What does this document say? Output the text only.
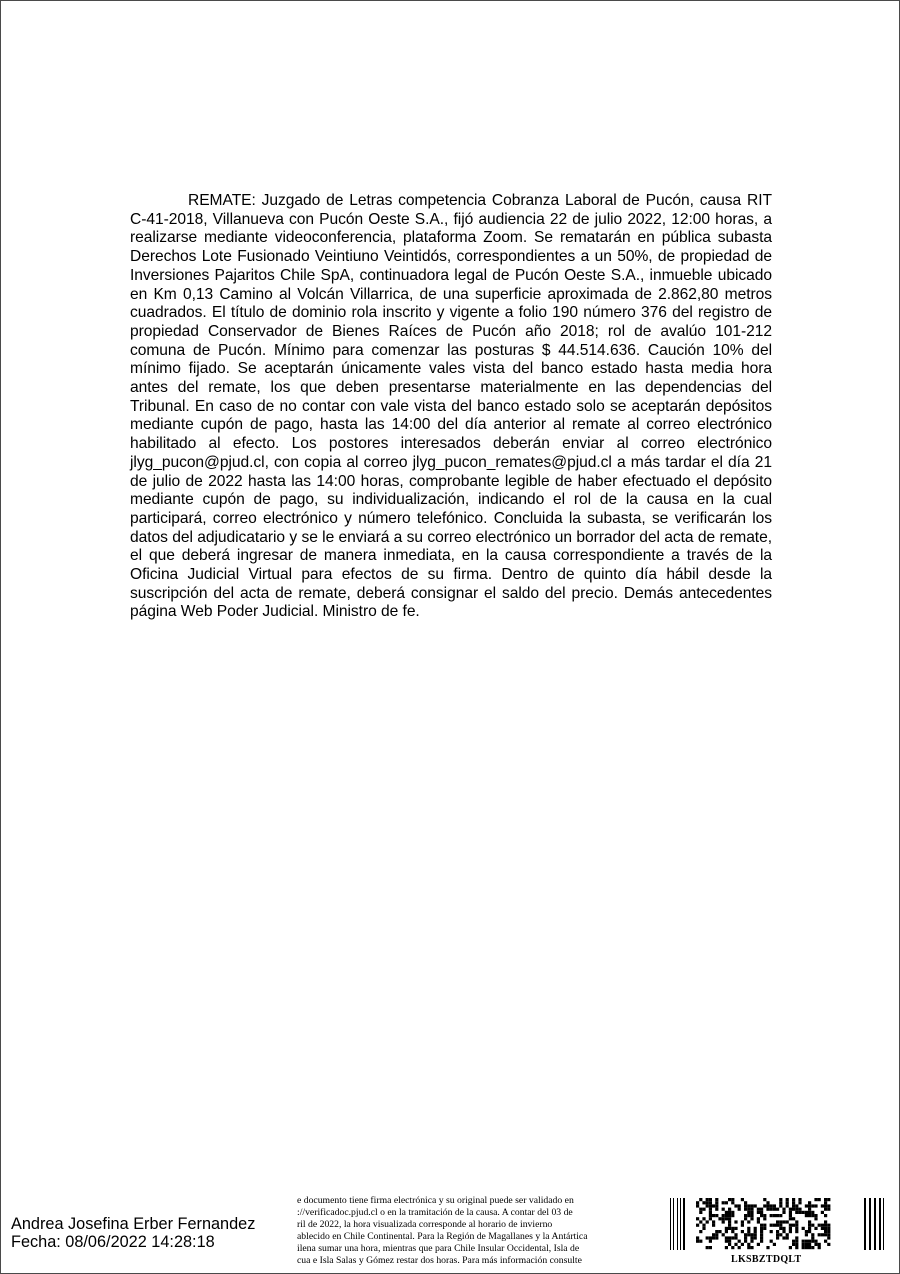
REMATE: Juzgado de Letras competencia Cobranza Laboral de Pucón, causa RIT C-41-2018, Villanueva con Pucón Oeste S.A., fijó audiencia 22 de julio 2022, 12:00 horas, a realizarse mediante videoconferencia, plataforma Zoom. Se rematarán en pública subasta Derechos Lote Fusionado Veintiuno Veintidós, correspondientes a un 50%, de propiedad de Inversiones Pajaritos Chile SpA, continuadora legal de Pucón Oeste S.A., inmueble ubicado en Km 0,13 Camino al Volcán Villarrica, de una superficie aproximada de 2.862,80 metros cuadrados. El título de dominio rola inscrito y vigente a folio 190 número 376 del registro de propiedad Conservador de Bienes Raíces de Pucón año 2018; rol de avalúo 101-212 comuna de Pucón. Mínimo para comenzar las posturas $ 44.514.636. Caución 10% del mínimo fijado. Se aceptarán únicamente vales vista del banco estado hasta media hora antes del remate, los que deben presentarse materialmente en las dependencias del Tribunal. En caso de no contar con vale vista del banco estado solo se aceptarán depósitos mediante cupón de pago, hasta las 14:00 del día anterior al remate al correo electrónico habilitado al efecto. Los postores interesados deberán enviar al correo electrónico jlyg_pucon@pjud.cl, con copia al correo jlyg_pucon_remates@pjud.cl a más tardar el día 21 de julio de 2022 hasta las 14:00 horas, comprobante legible de haber efectuado el depósito mediante cupón de pago, su individualización, indicando el rol de la causa en la cual participará, correo electrónico y número telefónico. Concluida la subasta, se verificarán los datos del adjudicatario y se le enviará a su correo electrónico un borrador del acta de remate, el que deberá ingresar de manera inmediata, en la causa correspondiente a través de la Oficina Judicial Virtual para efectos de su firma. Dentro de quinto día hábil desde la suscripción del acta de remate, deberá consignar el saldo del precio. Demás antecedentes página Web Poder Judicial. Ministro de fe.
Andrea Josefina Erber Fernandez
Fecha: 08/06/2022 14:28:18
e documento tiene firma electrónica y su original puede ser validado en
://verificadoc.pjud.cl o en la tramitación de la causa. A contar del 03 de
ril de 2022, la hora visualizada corresponde al horario de invierno
ablecido en Chile Continental. Para la Región de Magallanes y la Antártica
ilena sumar una hora, mientras que para Chile Insular Occidental, Isla de
cua e Isla Salas y Gómez restar dos horas. Para más información consulte	LKSBZTDQLT
